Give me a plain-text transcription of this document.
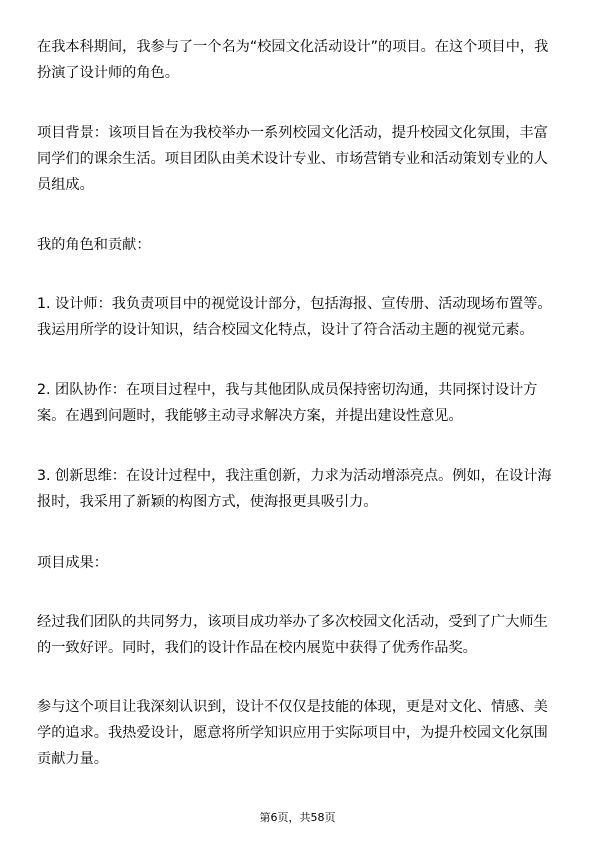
在我本科期间，我参与了一个名为“校园文化活动设计”的项目。在这个项目中，我
扮演了设计师的角色。
项目背景：该项目旨在为我校举办一系列校园文化活动，提升校园文化氛围，丰富
同学们的课余生活。项目团队由美术设计专业、市场营销专业和活动策划专业的人
员组成。
我的角色和贡献：
1. 设计师：我负责项目中的视觉设计部分，包括海报、宣传册、活动现场布置等。
我运用所学的设计知识，结合校园文化特点，设计了符合活动主题的视觉元素。
2. 团队协作：在项目过程中，我与其他团队成员保持密切沟通，共同探讨设计方
案。在遇到问题时，我能够主动寻求解决方案，并提出建设性意见。
3. 创新思维：在设计过程中，我注重创新，力求为活动增添亮点。例如，在设计海
报时，我采用了新颖的构图方式，使海报更具吸引力。
项目成果：
经过我们团队的共同努力，该项目成功举办了多次校园文化活动，受到了广大师生
的一致好评。同时，我们的设计作品在校内展览中获得了优秀作品奖。
参与这个项目让我深刻认识到，设计不仅仅是技能的体现，更是对文化、情感、美
学的追求。我热爱设计，愿意将所学知识应用于实际项目中，为提升校园文化氛围
贡献力量。
第6页，共58页
